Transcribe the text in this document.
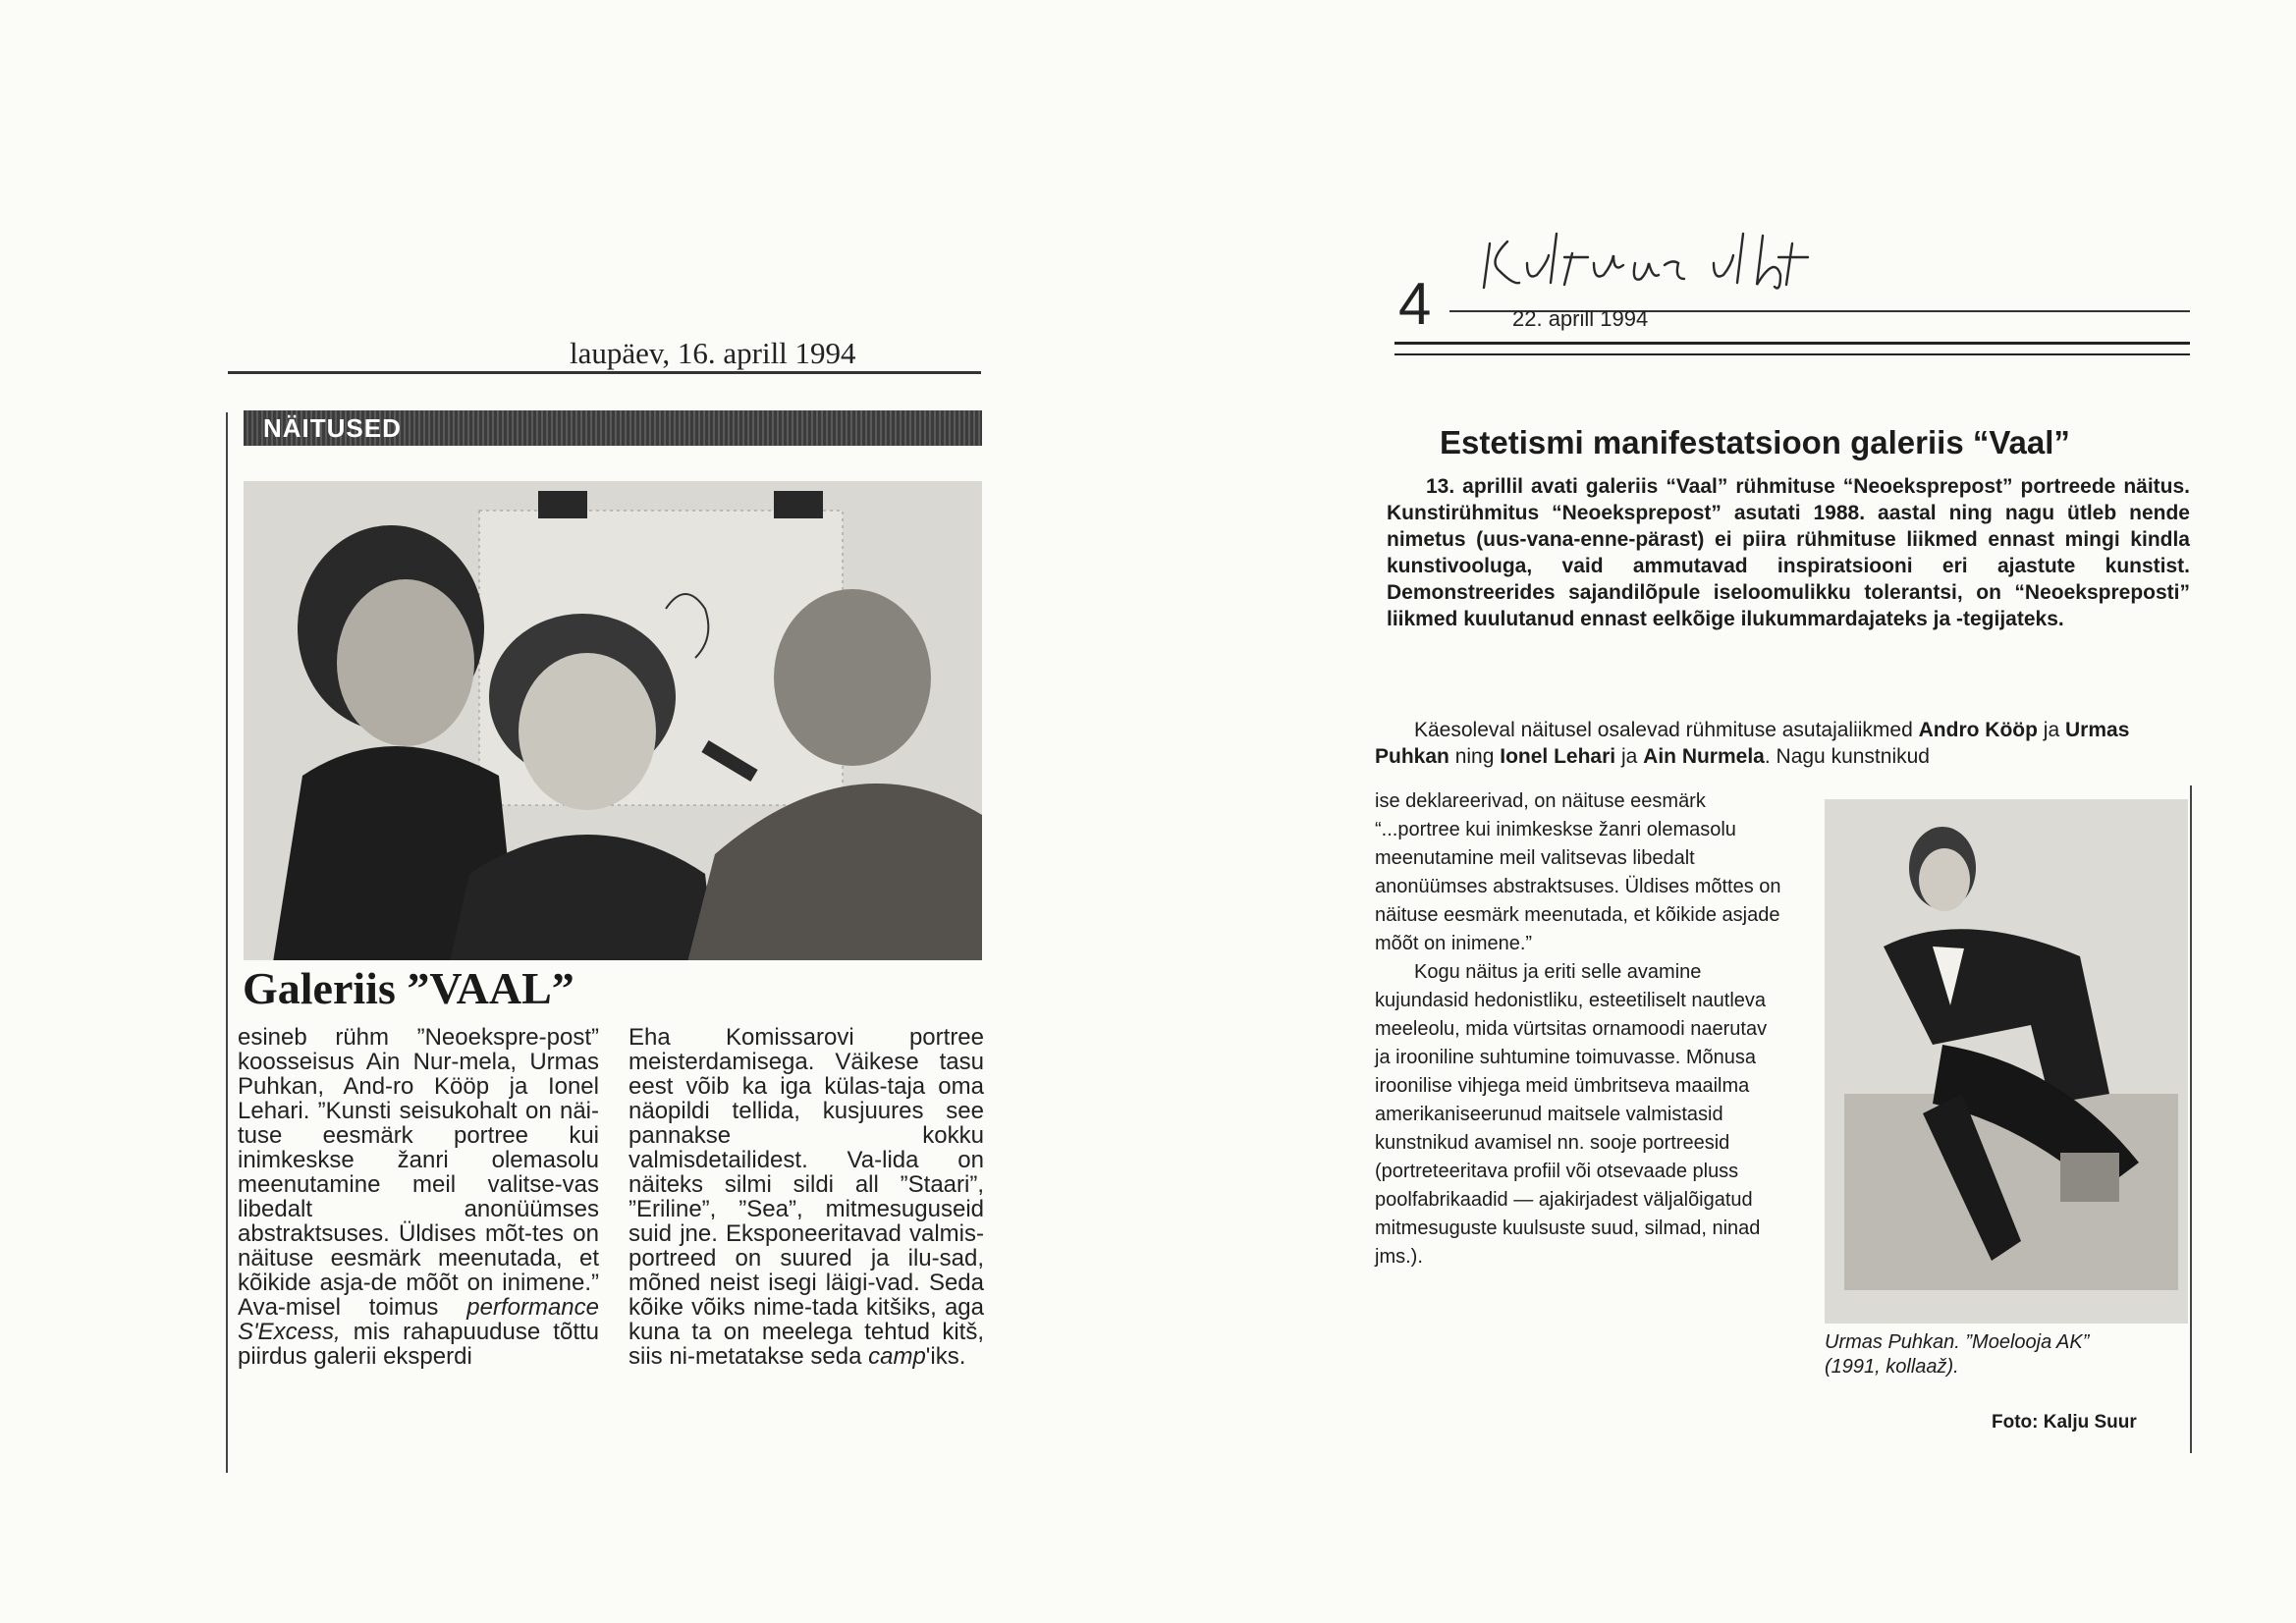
laupäev, 16. aprill 1994
NÄITUSED
Galeriis ”VAAL”

esineb rühm ”Neoekspre-post” koosseisus Ain Nur-mela, Urmas Puhkan, And-ro Kööp ja Ionel Lehari. ”Kunsti seisukohalt on näi-tuse eesmärk portree kui inimkeskse žanri olemasolu meenutamine meil valitse-vas libedalt anonüümses abstraktsuses. Üldises mõt-tes on näituse eesmärk meenutada, et kõikide asja-de mõõt on inimene.” Ava-misel toimus performance S'Excess, mis rahapuuduse tõttu piirdus galerii eksperdi

Eha Komissarovi portree meisterdamisega. Väikese tasu eest võib ka iga külas-taja oma näopildi tellida, kusjuures see pannakse kokku valmisdetailidest. Va-lida on näiteks silmi sildi all ”Staari”, ”Eriline”, ”Sea”, mitmesuguseid suid jne. Eksponeeritavad valmis-portreed on suured ja ilu-sad, mõned neist isegi läigi-vad. Seda kõike võiks nime-tada kitšiks, aga kuna ta on meelega tehtud kitš, siis ni-metatakse seda camp'iks.

4	22. aprill 1994
Estetismi manifestatsioon galeriis “Vaal”
13. aprillil avati galeriis “Vaal” rühmituse “Neoeksprepost” portreede näitus. Kunstirühmitus “Neoeksprepost” asutati 1988. aastal ning nagu ütleb nende nimetus (uus-vana-enne-pärast) ei piira rühmituse liikmed ennast mingi kindla kunstivooluga, vaid ammutavad inspiratsiooni eri ajastute kunstist. Demonstreerides sajandilõpule iseloomulikku tolerantsi, on “Neoekspreposti” liikmed kuulutanud ennast eelkõige ilukummardajateks ja -tegijateks.
Käesoleval näitusel osalevad rühmituse asutajaliikmed Andro Kööp ja Urmas Puhkan ning Ionel Lehari ja Ain Nurmela. Nagu kunstnikud

ise deklareerivad, on näituse eesmärk “...portree kui inimkeskse žanri olemasolu meenutamine meil valitsevas libedalt anonüümses abstraktsuses. Üldises mõttes on näituse eesmärk meenutada, et kõikide asjade mõõt on inimene.”

Kogu näitus ja eriti selle avamine kujundasid hedonistliku, esteetiliselt nautleva meeleolu, mida vürtsitas ornamoodi naerutav ja irooniline suhtumine toimuvasse. Mõnusa iroonilise vihjega meid ümbritseva maailma amerikaniseerunud maitsele valmistasid kunstnikud avamisel nn. sooje portreesid (portreteeritava profiil või otsevaade pluss poolfabrikaadid — ajakirjadest väljalõigatud mitmesuguste kuulsuste suud, silmad, ninad jms.).

Urmas Puhkan. ”Moelooja AK” (1991, kollaaž).
Foto: Kalju Suur
